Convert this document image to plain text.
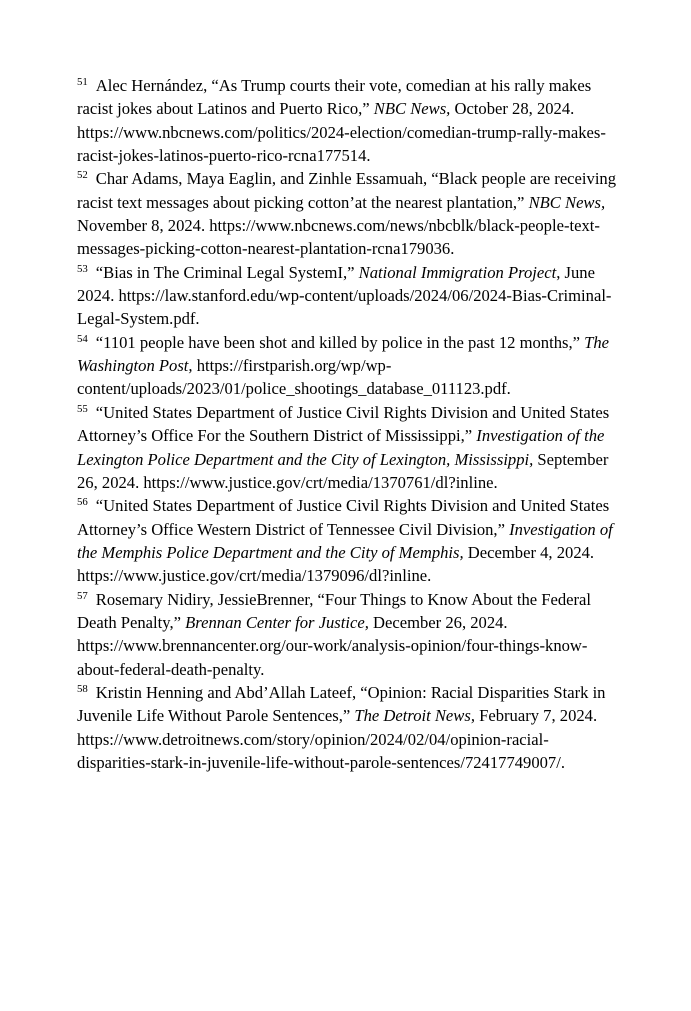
$^{51}$ Alec Hernández, “As Trump courts their vote, comedian at his rally makes racist jokes about Latinos and Puerto Rico,” NBC News, October 28, 2024. https://www.nbcnews.com/politics/2024-election/comedian-trump-rally-makes-racist-jokes-latinos-puerto-rico-rcna177514.

$^{52}$ Char Adams, Maya Eaglin, and Zinhle Essamuah, “Black people are receiving racist text messages about picking cotton’at the nearest plantation,” NBC News, November 8, 2024. https://www.nbcnews.com/news/nbcblk/black-people-text-messages-picking-cotton-nearest-plantation-rcna179036.

$^{53}$ “Bias in The Criminal Legal SystemI,” National Immigration Project, June 2024. https://law.stanford.edu/wp-content/uploads/2024/06/2024-Bias-Criminal-Legal-System.pdf.

$^{54}$ “1101 people have been shot and killed by police in the past 12 months,” The Washington Post, https://firstparish.org/wp/wp-content/uploads/2023/01/police_shootings_database_011123.pdf.

$^{55}$ “United States Department of Justice Civil Rights Division and United States Attorney’s Office For the Southern District of Mississippi,” Investigation of the Lexington Police Department and the City of Lexington, Mississippi, September 26, 2024. https://www.justice.gov/crt/media/1370761/dl?inline.

$^{56}$ “United States Department of Justice Civil Rights Division and United States Attorney’s Office Western District of Tennessee Civil Division,” Investigation of the Memphis Police Department and the City of Memphis, December 4, 2024. https://www.justice.gov/crt/media/1379096/dl?inline.

$^{57}$ Rosemary Nidiry, JessieBrenner, “Four Things to Know About the Federal Death Penalty,” Brennan Center for Justice, December 26, 2024. https://www.brennancenter.org/our-work/analysis-opinion/four-things-know-about-federal-death-penalty.

$^{58}$ Kristin Henning and Abd’Allah Lateef, “Opinion: Racial Disparities Stark in Juvenile Life Without Parole Sentences,” The Detroit News, February 7, 2024. https://www.detroitnews.com/story/opinion/2024/02/04/opinion-racial-disparities-stark-in-juvenile-life-without-parole-sentences/72417749007/.
